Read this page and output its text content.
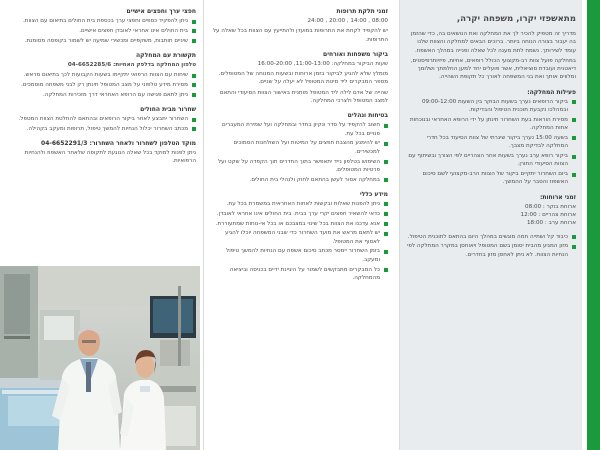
מתאשפזי יקרו, משפחה יקרה,

מדריך זה מטפיק להכיר לך את המחלקה ואת הנושאים בה, כדי שהזמן בה יעבור בצורה הנוחה ביותר. ברוכים הבאים למחלקה והצוות שלנו עומד לשירותך. נשמח לתת מענה לכל שאלה ופנייה במהלך האשפוז.

במחלקה פועל צוות רב-מקצועי הכולל רופאים, אחיות, פיזיותרפיסטים, דיאטנית ועובדת סוציאלית, אשר פועלים יחד למען החלמתך ושלומך ומלווים אותך ואת בני המשפחה לאורך כל תקופת השהייה.

פעילות המחלקה:
ביקור הרופאים נערך בשעות הבוקר בין השעות 09:00-12:00 ובמהלכו נקבעת תוכנית הטיפול והבדיקות.
מסירת הוראות בעת השחרור תינתן על ידי הרופא האחראי ובנוכחות אחות המחלקה.
בשעה 15:00 נערך ביקור שיגרתי של צוות הסיעוד בכל חדרי המחלקה לבדיקת מצבך.
ביקור רופא ערב נערך בשעות אחר הצהריים לפי הצורך ובשיתוף עם הצוות הסיעודי התורן.
ביום השחרור יתקיים ביקור של הצוות הרב-מקצועי לשם סיכום האשפוז והסבר על ההמשך.
זמני ארוחות:
ארוחת בוקר : 08:00
ארוחת צהריים : 12:00
ארוחת ערב : 18:00
כיבוד קל ושתייה חמה מוגשים במהלך היום בהתאם לתוכנית הטיפול.
מזון המגיע מהבית יסומן בשם המטופל ויאוחסן במקרר המחלקה לפי הנחיות הצוות. לא ניתן לאחסן מזון בחדרים.
זמני תלקת תרופות

08:00 , 14:00 , 20:00 , 24:00

יש להקפיד לקחת את התרופות במועדן ולהתייעץ עם הצוות בכל שאלה על התרופות.

ביקור משפחות ואורחים

שעות הביקור במחלקה: 11:00-13:00, 16:00-20:00

מומלץ שלא להגיע לביקור בזמן ארוחות ובשעות המנוחה של המטופלים. מספר המבקרים ליד מיטת המטופל לא יעלה על שניים.

שהייה של אדם לילה ליד המטופל מותנית באישור הצוות הסיעודי והתאם למצב המטופל ולצרכי המחלקה.

בטיחות ונהלים
חשוב להקפיד על סדר ונקיון בחדר ובמחלקה ועל שמירת המעברים פנויים בכל עת.
יש להימנע מהצבת חפצים על המיטות ועל השולחנות הסמוכים למכשירים.
השימוש בטלפון נייד יתאפשר בתוך החדרים תוך הקפדה על שקט ועל פרטיות המטופלים.
במחלקה אסור לעשן בהתאם לחוק ולנהלי בית החולים.
מידע כללי
ניתן להפנות שאלות ובקשות לאחות האחראית במשמרת בכל עת.
כדאי להשאיר חפצים יקרי ערך בבית. בית החולים אינו אחראי לאובדן.
אנא עדכנו את הצוות בכל שינוי במצבכם או בכל אי-נוחות שמתעוררת.
יש לתאם מראש את מועד השחרור כדי שבני המשפחה יוכלו להגיע לאסוף את המטופל.
בזמן השחרור יימסר מכתב סיכום אשפוז עם הנחיות להמשך טיפול ומעקב.
כל המבקרים מתבקשים לשמור על היגיינת ידיים בכניסה וביציאה מהמחלקה.
חפצי ערך וחפצים אישיים
ניתן להפקיד כספים וחפצי ערך בכספת בית החולים בתיאום עם הצוות.
בית החולים אינו אחראי לאובדן חפצים אישיים.
שיניים תותבות, משקפיים ומכשירי שמיעה יש לשמור בקופסה מסומנת.
תקשורת עם המחלקה

טלפון המחלקה בדלפק האחיות: 04-6652285/6

שיחות עם הצוות הרפואי יתקיימו בשעות הקבועות לכך בתיאום מראש.
מסירת מידע טלפוני על מצב המטופל תינתן רק לבני משפחה מוסמכים.
ניתן לתאם פגישה עם הרופא האחראי דרך מזכירות המחלקה.
שחרור מבית החולים
השחרור יתבצע לאחר ביקור הרופאים ובהתאם להחלטת הצוות המטפל.
מכתב השחרור יכלול הנחיות להמשך טיפול, תרופות ומעקב בקהילה.
מוקד הטלפון לשחרור ולאחר השחרור: 04-6652291/3

ניתן לפנות למוקד בכל שאלה הנוגעת לתקופה שלאחר האשפוז ולהנחיות הרפואיות.
